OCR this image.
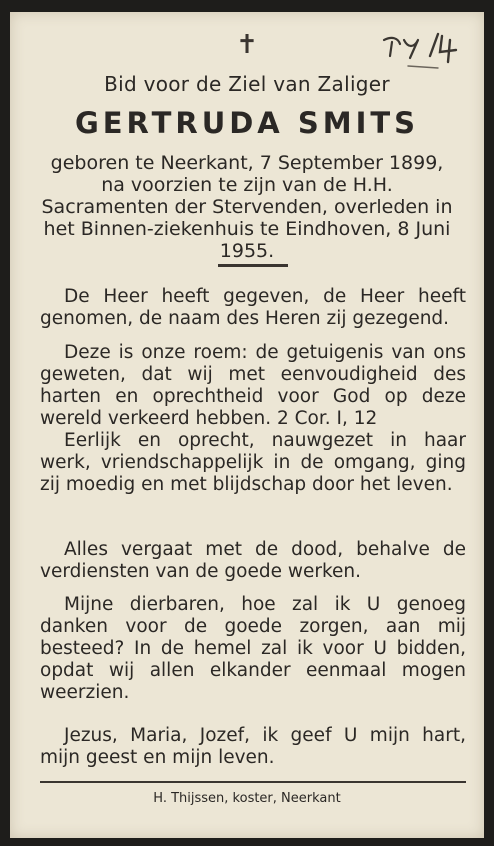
✝
Bid voor de Ziel van Zaliger
GERTRUDA SMITS
geboren te Neerkant, 7 September 1899, na voorzien te zijn van de H.H. Sacramenten der Stervenden, overleden in het Binnen-ziekenhuis te Eindhoven, 8 Juni 1955.

De Heer heeft gegeven, de Heer heeft genomen, de naam des Heren zij gezegend.

Deze is onze roem: de getuigenis van ons geweten, dat wij met eenvoudigheid des harten en oprechtheid voor God op deze wereld verkeerd hebben. 2 Cor. I, 12

Eerlijk en oprecht, nauwgezet in haar werk, vriendschappelijk in de omgang, ging zij moedig en met blijdschap door het leven.

Alles vergaat met de dood, behalve de verdiensten van de goede werken.

Mijne dierbaren, hoe zal ik U genoeg danken voor de goede zorgen, aan mij besteed? In de hemel zal ik voor U bidden, opdat wij allen elkander eenmaal mogen weerzien.

Jezus, Maria, Jozef, ik geef U mijn hart, mijn geest en mijn leven.

H. Thijssen, koster, Neerkant
